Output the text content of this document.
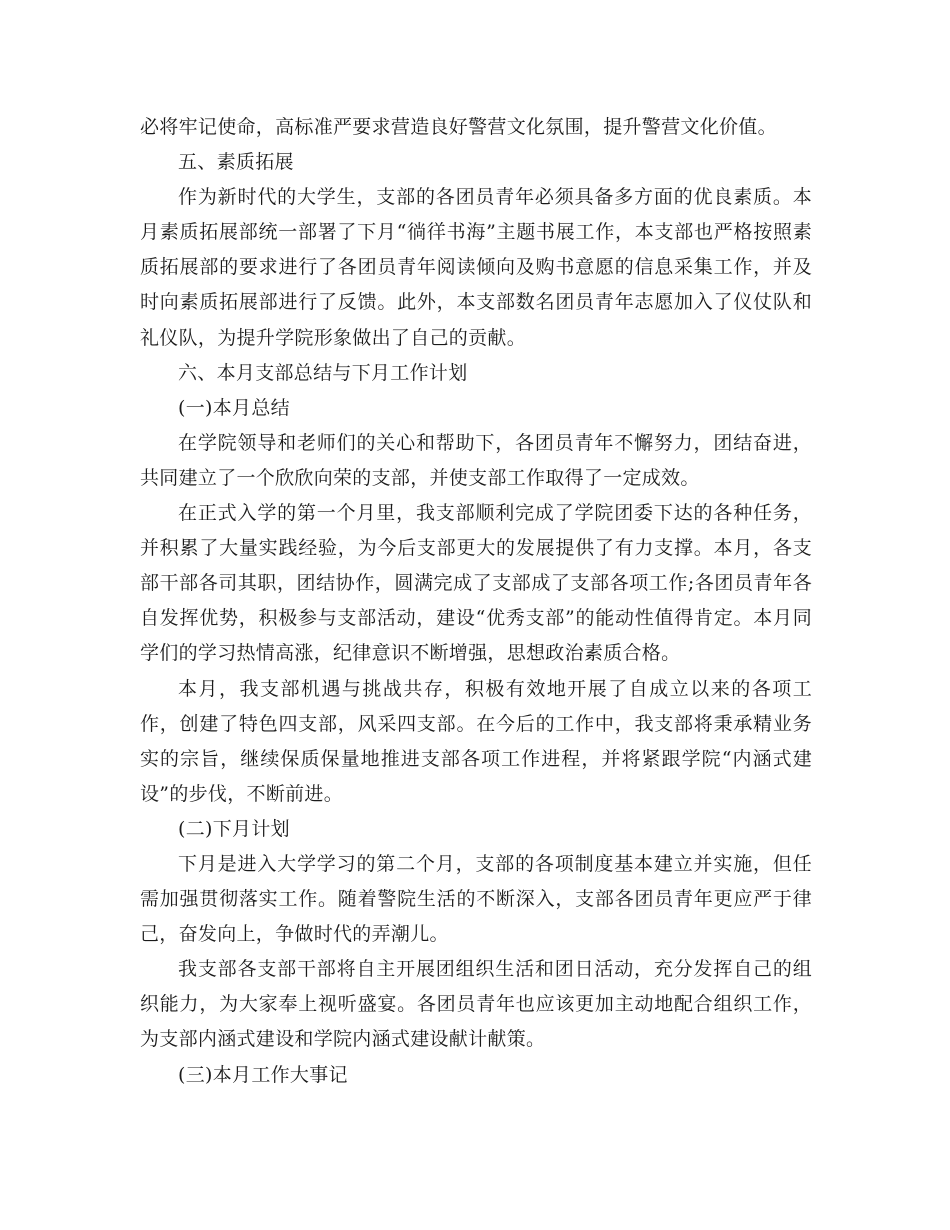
必将牢记使命，高标准严要求营造良好警营文化氛围，提升警营文化价值。

五、素质拓展

作为新时代的大学生，支部的各团员青年必须具备多方面的优良素质。本月素质拓展部统一部署了下月“徜徉书海”主题书展工作，本支部也严格按照素质拓展部的要求进行了各团员青年阅读倾向及购书意愿的信息采集工作，并及时向素质拓展部进行了反馈。此外，本支部数名团员青年志愿加入了仪仗队和礼仪队，为提升学院形象做出了自己的贡献。

六、本月支部总结与下月工作计划

(一)本月总结

在学院领导和老师们的关心和帮助下，各团员青年不懈努力，团结奋进，共同建立了一个欣欣向荣的支部，并使支部工作取得了一定成效。

在正式入学的第一个月里，我支部顺利完成了学院团委下达的各种任务，并积累了大量实践经验，为今后支部更大的发展提供了有力支撑。本月，各支部干部各司其职，团结协作，圆满完成了支部成了支部各项工作;各团员青年各自发挥优势，积极参与支部活动，建设“优秀支部”的能动性值得肯定。本月同学们的学习热情高涨，纪律意识不断增强，思想政治素质合格。

本月，我支部机遇与挑战共存，积极有效地开展了自成立以来的各项工作，创建了特色四支部，风采四支部。在今后的工作中，我支部将秉承精业务实的宗旨，继续保质保量地推进支部各项工作进程，并将紧跟学院“内涵式建设”的步伐，不断前进。

(二)下月计划

下月是进入大学学习的第二个月，支部的各项制度基本建立并实施，但任需加强贯彻落实工作。随着警院生活的不断深入，支部各团员青年更应严于律己，奋发向上，争做时代的弄潮儿。

我支部各支部干部将自主开展团组织生活和团日活动，充分发挥自己的组织能力，为大家奉上视听盛宴。各团员青年也应该更加主动地配合组织工作，为支部内涵式建设和学院内涵式建设献计献策。

(三)本月工作大事记
